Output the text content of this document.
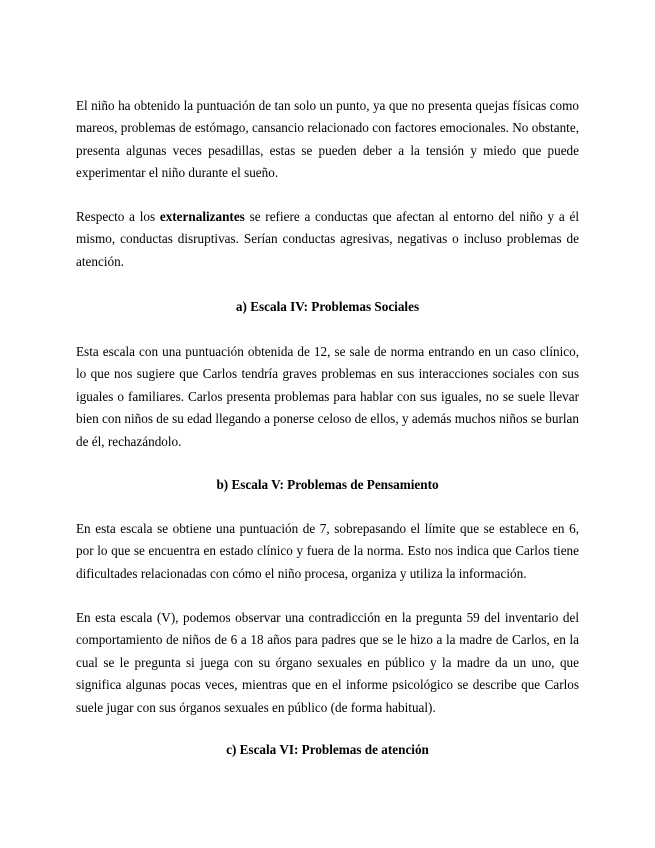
El niño ha obtenido la puntuación de tan solo un punto, ya que no presenta quejas físicas como mareos, problemas de estómago, cansancio relacionado con factores emocionales. No obstante, presenta algunas veces pesadillas, estas se pueden deber a la tensión y miedo que puede experimentar el niño durante el sueño.

Respecto a los externalizantes se refiere a conductas que afectan al entorno del niño y a él mismo, conductas disruptivas. Serían conductas agresivas, negativas o incluso problemas de atención.

a) Escala IV: Problemas Sociales

Esta escala con una puntuación obtenida de 12, se sale de norma entrando en un caso clínico, lo que nos sugiere que Carlos tendría graves problemas en sus interacciones sociales con sus iguales o familiares. Carlos presenta problemas para hablar con sus iguales, no se suele llevar bien con niños de su edad llegando a ponerse celoso de ellos, y además muchos niños se burlan de él, rechazándolo.

b) Escala V: Problemas de Pensamiento

En esta escala se obtiene una puntuación de 7, sobrepasando el límite que se establece en 6, por lo que se encuentra en estado clínico y fuera de la norma. Esto nos indica que Carlos tiene dificultades relacionadas con cómo el niño procesa, organiza y utiliza la información.

En esta escala (V), podemos observar una contradicción en la pregunta 59 del inventario del comportamiento de niños de 6 a 18 años para padres que se le hizo a la madre de Carlos, en la cual se le pregunta si juega con su órgano sexuales en público y la madre da un uno, que significa algunas pocas veces, mientras que en el informe psicológico se describe que Carlos suele jugar con sus órganos sexuales en público (de forma habitual).

c) Escala VI: Problemas de atención
